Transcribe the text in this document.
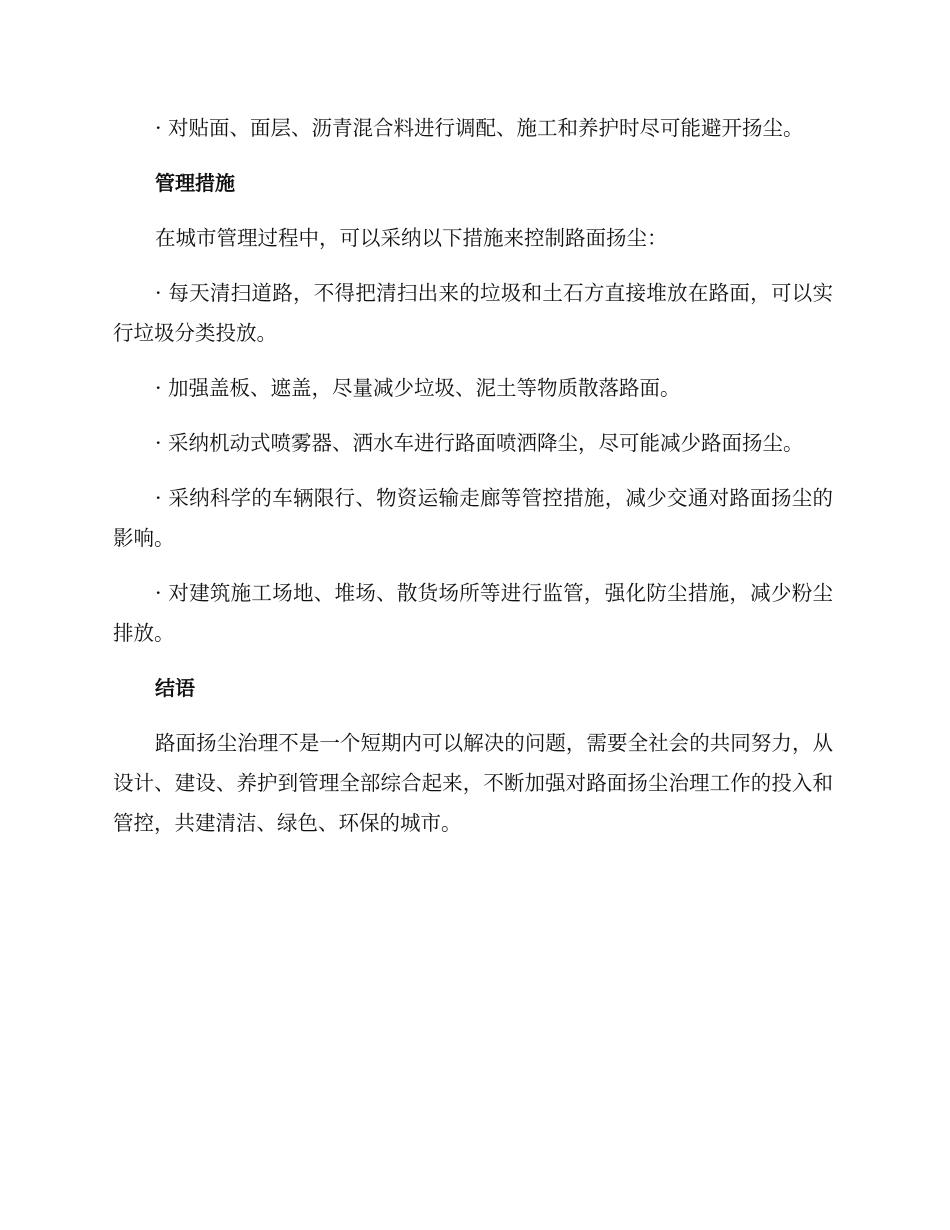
· 对贴面、面层、沥青混合料进行调配、施工和养护时尽可能避开扬尘。

管理措施

在城市管理过程中，可以采纳以下措施来控制路面扬尘：

· 每天清扫道路，不得把清扫出来的垃圾和土石方直接堆放在路面，可以实行垃圾分类投放。

· 加强盖板、遮盖，尽量减少垃圾、泥土等物质散落路面。

· 采纳机动式喷雾器、洒水车进行路面喷洒降尘，尽可能减少路面扬尘。

· 采纳科学的车辆限行、物资运输走廊等管控措施，减少交通对路面扬尘的影响。

· 对建筑施工场地、堆场、散货场所等进行监管，强化防尘措施，减少粉尘排放。

结语

路面扬尘治理不是一个短期内可以解决的问题，需要全社会的共同努力，从设计、建设、养护到管理全部综合起来，不断加强对路面扬尘治理工作的投入和管控，共建清洁、绿色、环保的城市。
